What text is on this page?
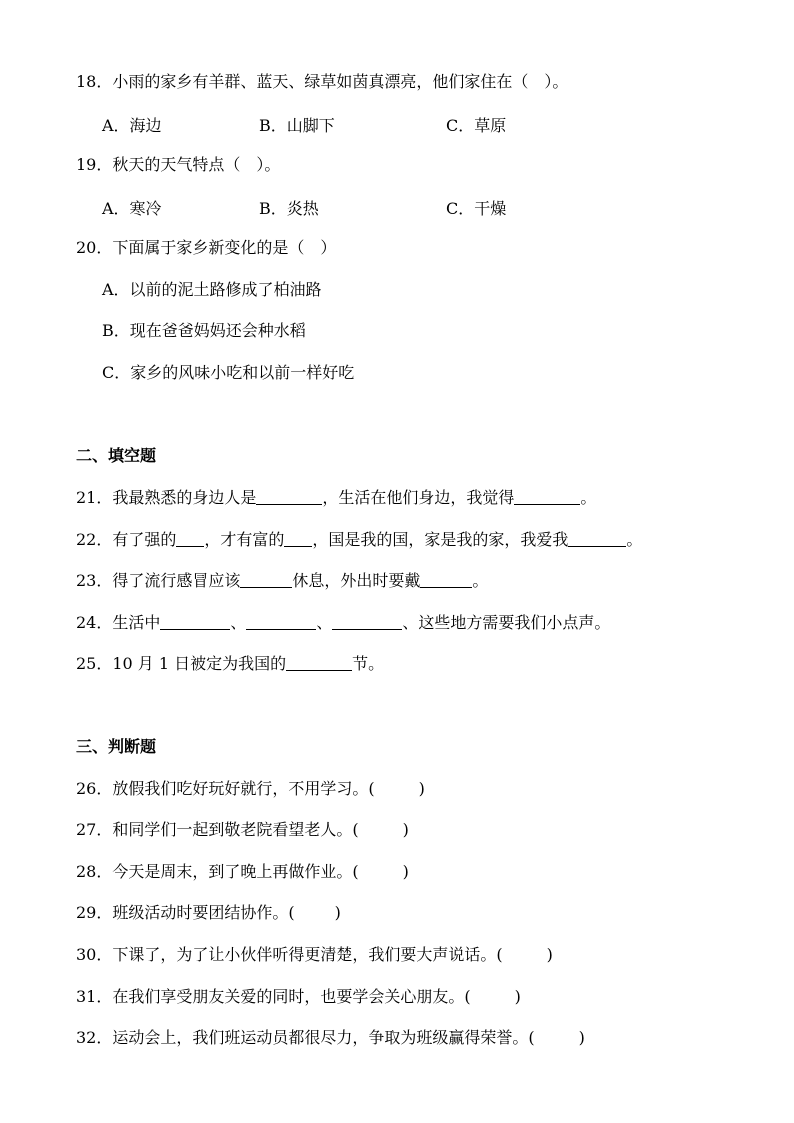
18．小雨的家乡有羊群、蓝天、绿草如茵真漂亮，他们家住在（　）。
A．海边	B．山脚下	C．草原
19．秋天的天气特点（　）。
A．寒冷	B．炎热	C．干燥
20．下面属于家乡新变化的是（　）
A．以前的泥土路修成了柏油路
B．现在爸爸妈妈还会种水稻
C．家乡的风味小吃和以前一样好吃
二、填空题
21．我最熟悉的身边人是	，生活在他们身边，我觉得	。
22．有了强的 ，才有富的 ，国是我的国，家是我的家，我爱我	。
23．得了流行感冒应该	休息，外出时要戴	。
24．生活中	、	、	、这些地方需要我们小点声。
25．10 月 1 日被定为我国的	节。
三、判断题
26．放假我们吃好玩好就行，不用学习。(	)
27．和同学们一起到敬老院看望老人。(	)
28．今天是周末，到了晚上再做作业。(	)
29．班级活动时要团结协作。(	)
30．下课了，为了让小伙伴听得更清楚，我们要大声说话。(	)
31．在我们享受朋友关爱的同时，也要学会关心朋友。(	)
32．运动会上，我们班运动员都很尽力，争取为班级赢得荣誉。(	)
